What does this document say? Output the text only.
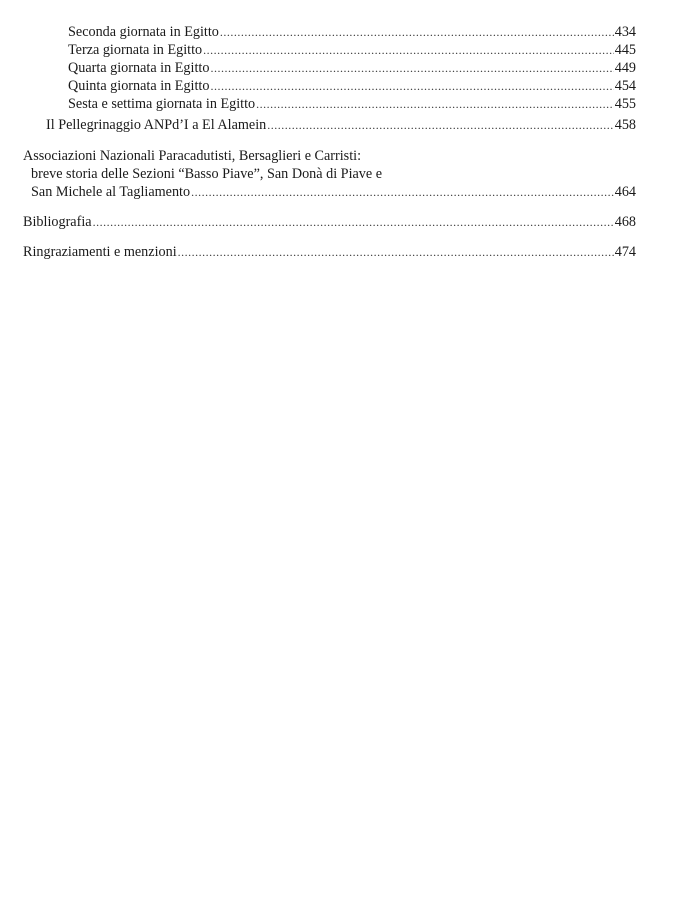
Seconda giornata in Egitto .....	434
Terza giornata in Egitto .....	445
Quarta giornata in Egitto .....	449
Quinta giornata in Egitto .....	454
Sesta e settima giornata in Egitto .....	455
Il Pellegrinaggio ANPd’I a El Alamein .....	458
Associazioni Nazionali Paracadutisti, Bersaglieri e Carristi:
breve storia delle Sezioni “Basso Piave”, San Donà di Piave e
San Michele al Tagliamento .....	464
Bibliografia .....	468
Ringraziamenti e menzioni .....	474
